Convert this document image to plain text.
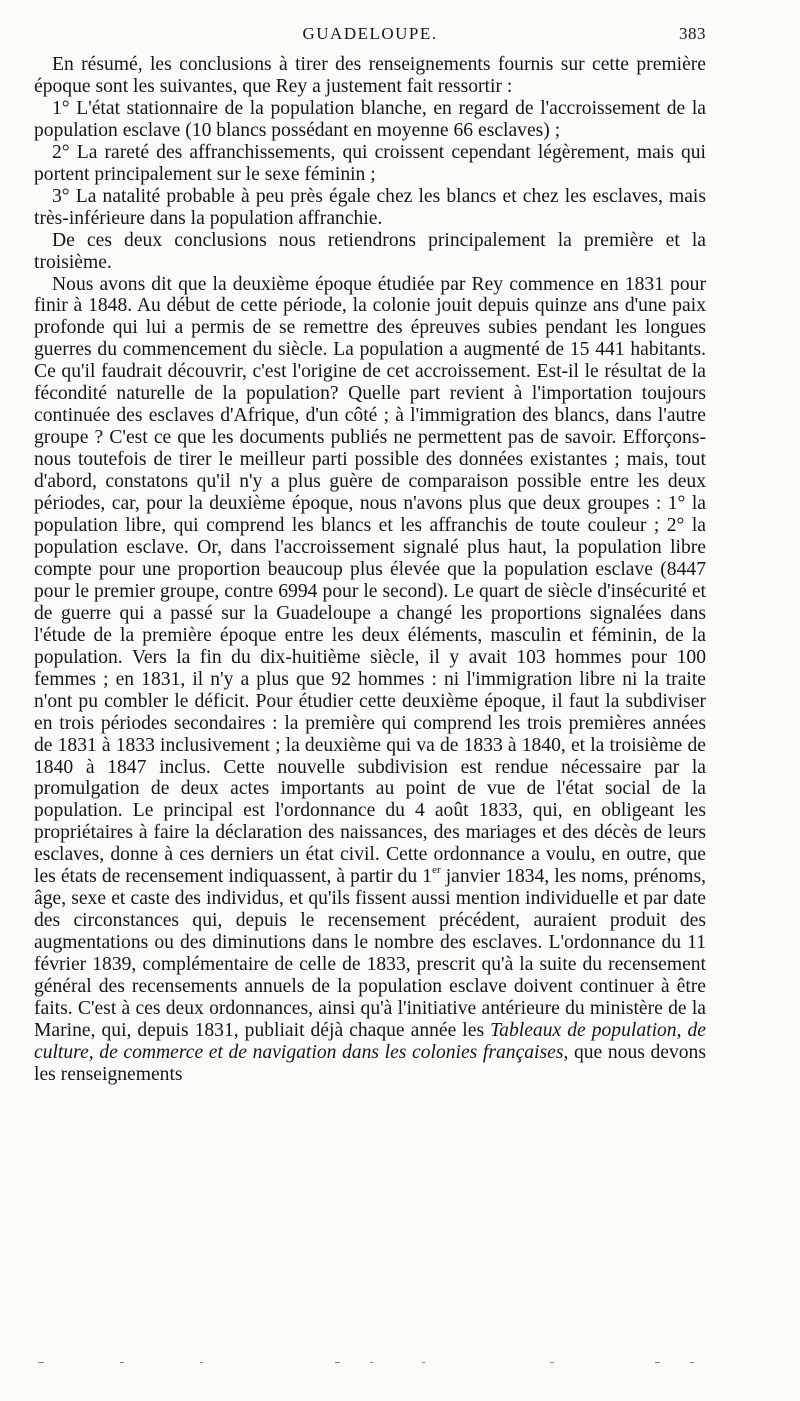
GUADELOUPE.	383

En résumé, les conclusions à tirer des renseignements fournis sur cette première époque sont les suivantes, que Rey a justement fait ressortir :

1° L'état stationnaire de la population blanche, en regard de l'accroissement de la population esclave (10 blancs possédant en moyenne 66 esclaves) ;

2° La rareté des affranchissements, qui croissent cependant légèrement, mais qui portent principalement sur le sexe féminin ;

3° La natalité probable à peu près égale chez les blancs et chez les esclaves, mais très-inférieure dans la population affranchie.

De ces deux conclusions nous retiendrons principalement la première et la troisième.

Nous avons dit que la deuxième époque étudiée par Rey commence en 1831 pour finir à 1848. Au début de cette période, la colonie jouit depuis quinze ans d'une paix profonde qui lui a permis de se remettre des épreuves subies pendant les longues guerres du commencement du siècle. La population a augmenté de 15 441 habitants. Ce qu'il faudrait découvrir, c'est l'origine de cet accroissement. Est-il le résultat de la fécondité naturelle de la population? Quelle part revient à l'importation toujours continuée des esclaves d'Afrique, d'un côté ; à l'immigration des blancs, dans l'autre groupe ? C'est ce que les documents publiés ne permettent pas de savoir. Efforçons-nous toutefois de tirer le meilleur parti possible des données existantes ; mais, tout d'abord, constatons qu'il n'y a plus guère de comparaison possible entre les deux périodes, car, pour la deuxième époque, nous n'avons plus que deux groupes : 1° la population libre, qui comprend les blancs et les affranchis de toute couleur ; 2° la population esclave. Or, dans l'accroissement signalé plus haut, la population libre compte pour une proportion beaucoup plus élevée que la population esclave (8447 pour le premier groupe, contre 6994 pour le second). Le quart de siècle d'insécurité et de guerre qui a passé sur la Guadeloupe a changé les proportions signalées dans l'étude de la première époque entre les deux éléments, masculin et féminin, de la population. Vers la fin du dix-huitième siècle, il y avait 103 hommes pour 100 femmes ; en 1831, il n'y a plus que 92 hommes : ni l'immigration libre ni la traite n'ont pu combler le déficit. Pour étudier cette deuxième époque, il faut la subdiviser en trois périodes secondaires : la première qui comprend les trois premières années de 1831 à 1833 inclusivement ; la deuxième qui va de 1833 à 1840, et la troisième de 1840 à 1847 inclus. Cette nouvelle subdivision est rendue nécessaire par la promulgation de deux actes importants au point de vue de l'état social de la population. Le principal est l'ordonnance du 4 août 1833, qui, en obligeant les propriétaires à faire la déclaration des naissances, des mariages et des décès de leurs esclaves, donne à ces derniers un état civil. Cette ordonnance a voulu, en outre, que les états de recensement indiquassent, à partir du 1er janvier 1834, les noms, prénoms, âge, sexe et caste des individus, et qu'ils fissent aussi mention individuelle et par date des circonstances qui, depuis le recensement précédent, auraient produit des augmentations ou des diminutions dans le nombre des esclaves. L'ordonnance du 11 février 1839, complémentaire de celle de 1833, prescrit qu'à la suite du recensement général des recensements annuels de la population esclave doivent continuer à être faits. C'est à ces deux ordonnances, ainsi qu'à l'initiative antérieure du ministère de la Marine, qui, depuis 1831, publiait déjà chaque année les Tableaux de population, de culture, de commerce et de navigation dans les colonies françaises, que nous devons les renseignements
